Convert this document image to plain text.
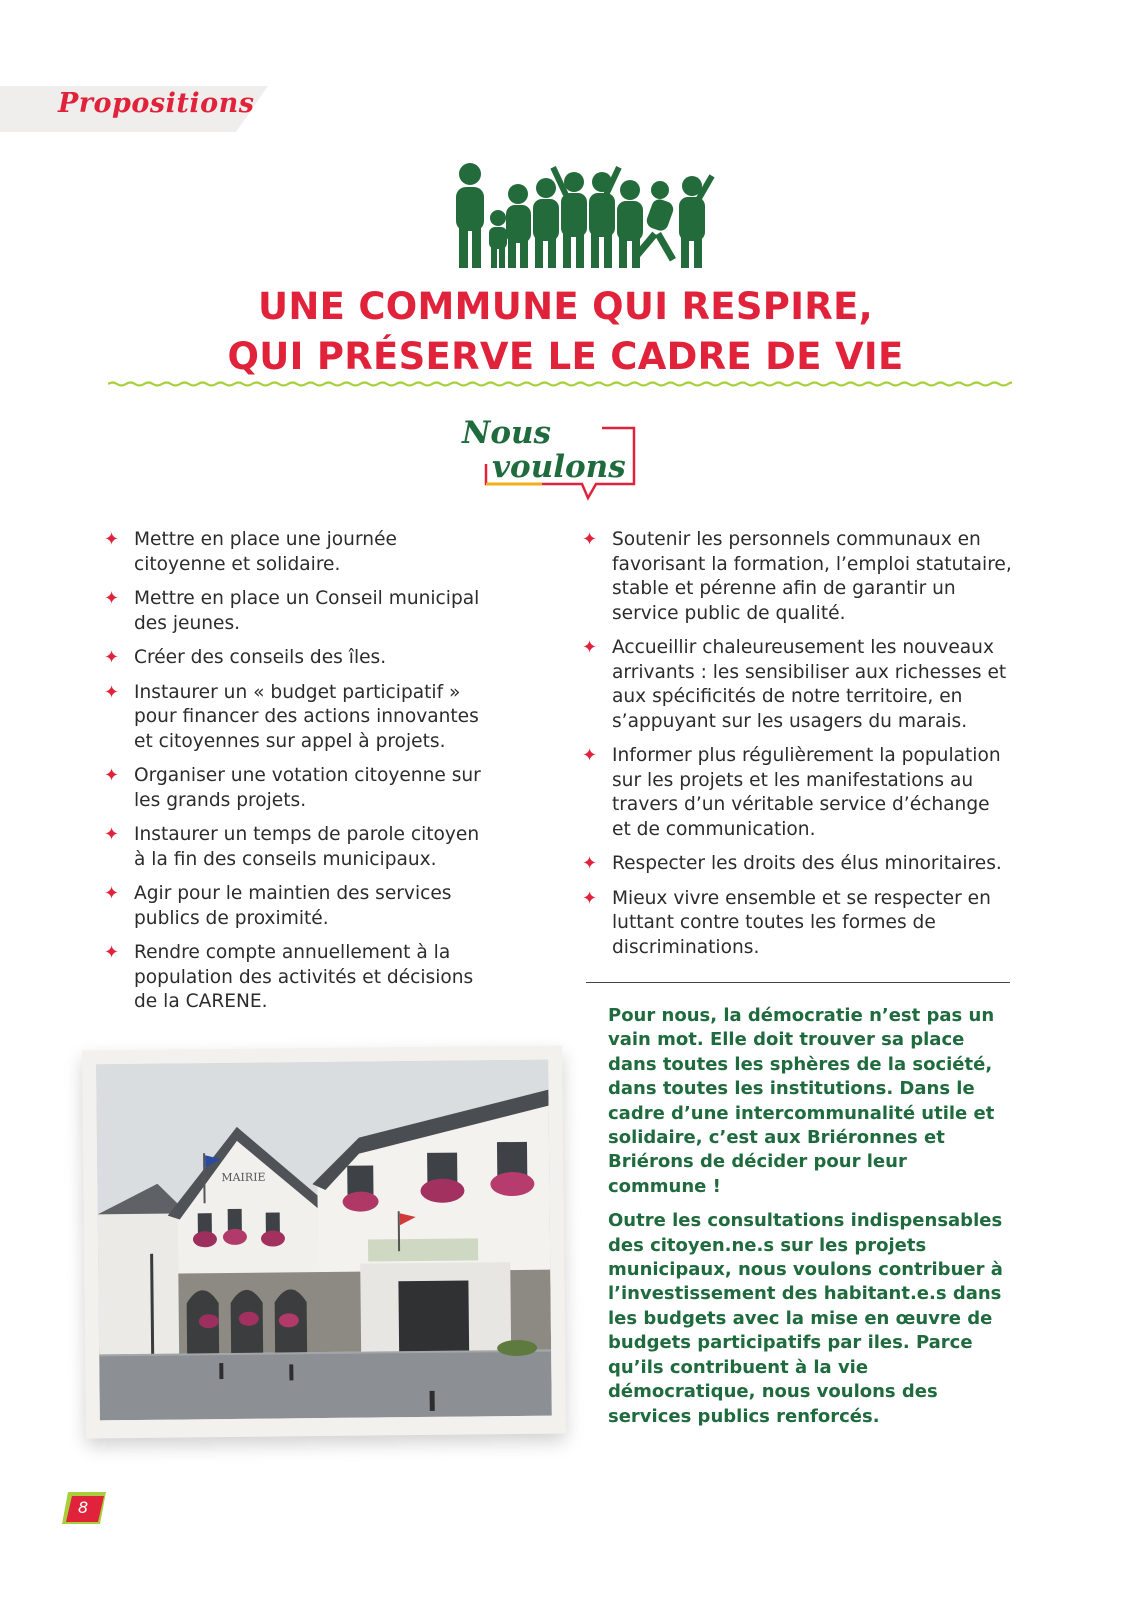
Propositions
UNE COMMUNE QUI RESPIRE,
QUI PRÉSERVE LE CADRE DE VIE
Nous
voulons
✦ Mettre en place une journée citoyenne et solidaire.
✦ Mettre en place un Conseil municipal des jeunes.
✦ Créer des conseils des îles.
✦ Instaurer un « budget participatif » pour financer des actions innovantes et citoyennes sur appel à projets.
✦ Organiser une votation citoyenne sur les grands projets.
✦ Instaurer un temps de parole citoyen à la fin des conseils municipaux.
✦ Agir pour le maintien des services publics de proximité.
✦ Rendre compte annuellement à la population des activités et décisions de la CARENE.
✦ Soutenir les personnels communaux en favorisant la formation, l’emploi statutaire, stable et pérenne afin de garantir un service public de qualité.
✦ Accueillir chaleureusement les nouveaux arrivants : les sensibiliser aux richesses et aux spécificités de notre territoire, en s’appuyant sur les usagers du marais.
✦ Informer plus régulièrement la population sur les projets et les manifestations au travers d’un véritable service d’échange et de communication.
✦ Respecter les droits des élus minoritaires.
✦ Mieux vivre ensemble et se respecter en luttant contre toutes les formes de discriminations.

Pour nous, la démocratie n’est pas un vain mot. Elle doit trouver sa place dans toutes les sphères de la société, dans toutes les institutions. Dans le cadre d’une intercommunalité utile et solidaire, c’est aux Briéronnes et Briérons de décider pour leur commune !

Outre les consultations indispensables des citoyen.ne.s sur les projets municipaux, nous voulons contribuer à l’investissement des habitant.e.s dans les budgets avec la mise en œuvre de budgets participatifs par iles. Parce qu’ils contribuent à la vie démocratique, nous voulons des services publics renforcés.

MAIRIE
8
